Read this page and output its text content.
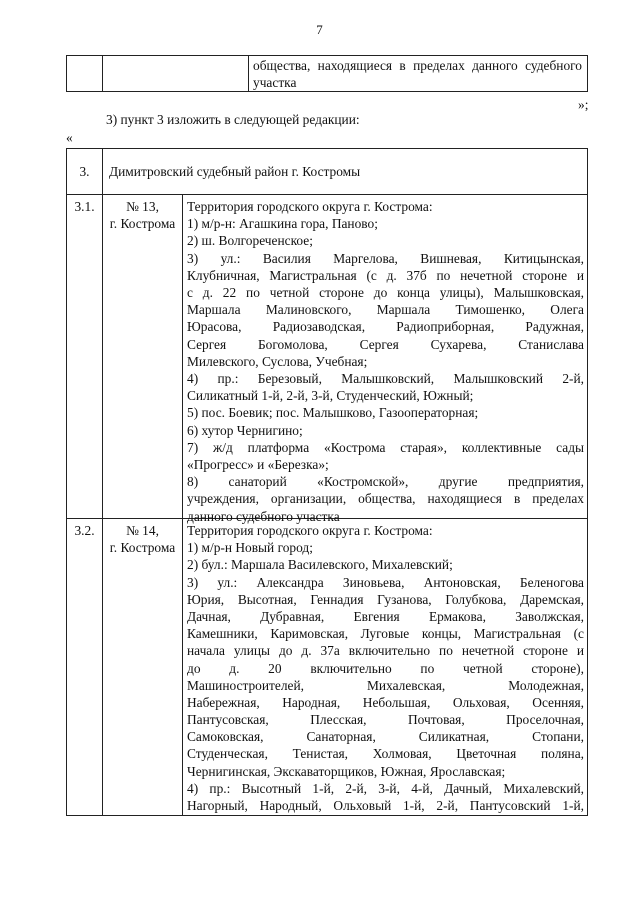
7
общества, находящиеся в пределах данного судебного
участка
»;
3) пункт 3 изложить в следующей редакции:
«
3.	Димитровский судебный район г. Костромы
3.1.	№ 13,
г. Кострома
Территория городского округа г. Кострома:
1) м/р-н: Агашкина гора, Паново;
2) ш. Волгореченское;
3) ул.: Василия Маргелова, Вишневая, Китицынская,
Клубничная, Магистральная (с д. 37б по нечетной стороне и
с д. 22 по четной стороне до конца улицы), Малышковская,
Маршала Малиновского, Маршала Тимошенко, Олега
Юрасова, Радиозаводская, Радиоприборная, Радужная,
Сергея Богомолова, Сергея Сухарева, Станислава
Милевского, Суслова, Учебная;
4) пр.: Березовый, Малышковский, Малышковский 2-й,
Силикатный 1-й, 2-й, 3-й, Студенческий, Южный;
5) пос. Боевик; пос. Малышково, Газооператорная;
6) хутор Чернигино;
7) ж/д платформа «Кострома старая», коллективные сады
«Прогресс» и «Березка»;
8) санаторий «Костромской», другие предприятия,
учреждения, организации, общества, находящиеся в пределах
данного судебного участка
3.2.	№ 14,
г. Кострома
Территория городского округа г. Кострома:
1) м/р-н Новый город;
2) бул.: Маршала Василевского, Михалевский;
3) ул.: Александра Зиновьева, Антоновская, Беленогова
Юрия, Высотная, Геннадия Гузанова, Голубкова, Даремская,
Дачная, Дубравная, Евгения Ермакова, Заволжская,
Камешники, Каримовская, Луговые концы, Магистральная (с
начала улицы до д. 37а включительно по нечетной стороне и
до д. 20 включительно по четной стороне),
Машиностроителей, Михалевская, Молодежная,
Набережная, Народная, Небольшая, Ольховая, Осенняя,
Пантусовская, Плесская, Почтовая, Проселочная,
Самоковская, Санаторная, Силикатная, Стопани,
Студенческая, Тенистая, Холмовая, Цветочная поляна,
Чернигинская, Экскаваторщиков, Южная, Ярославская;
4) пр.: Высотный 1-й, 2-й, 3-й, 4-й, Дачный, Михалевский,
Нагорный, Народный, Ольховый 1-й, 2-й, Пантусовский 1-й,
